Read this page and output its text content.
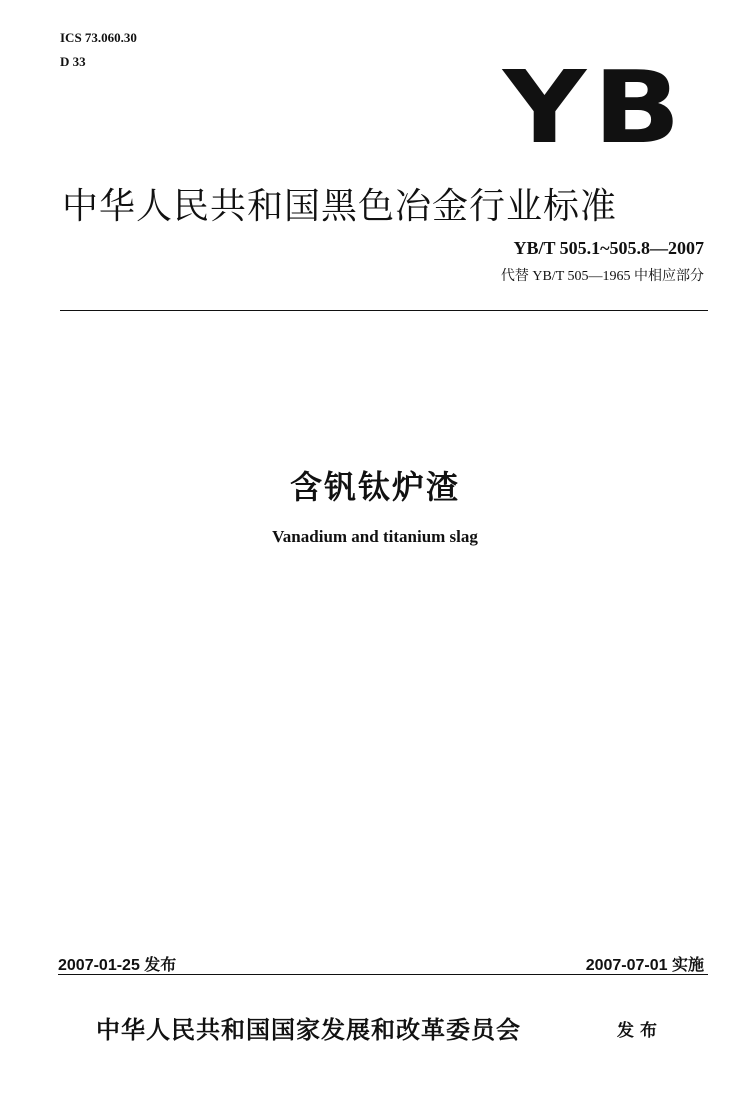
ICS 73.060.30

D 33	YB
中华人民共和国黑色冶金行业标准

YB/T 505.1~505.8—2007

代替 YB/T 505—1965 中相应部分

含钒钛炉渣

Vanadium and titanium slag

2007-01-25 发布	2007-07-01 实施

中华人民共和国国家发展和改革委员会	发布
